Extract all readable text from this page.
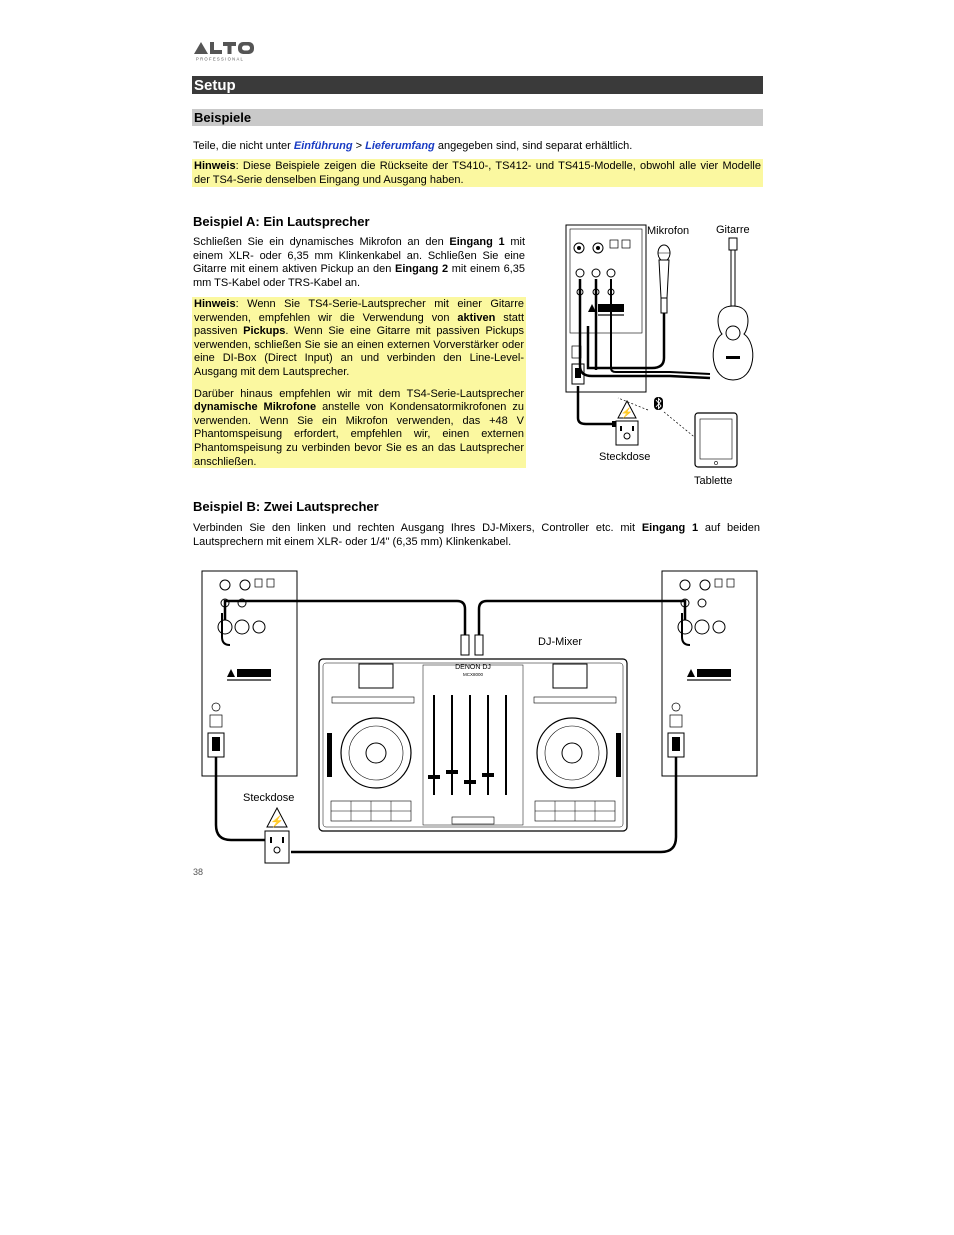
PROFESSIONAL
Setup
Beispiele
Teile, die nicht unter Einführung > Lieferumfang angegeben sind, sind separat erhältlich.
Hinweis: Diese Beispiele zeigen die Rückseite der TS410-, TS412- und TS415-Modelle, obwohl alle vier Modelle der TS4-Serie denselben Eingang und Ausgang haben.
Beispiel A: Ein Lautsprecher
Schließen Sie ein dynamisches Mikrofon an den Eingang 1 mit einem XLR- oder 6,35 mm Klinkenkabel an. Schließen Sie eine Gitarre mit einem aktiven Pickup an den Eingang 2 mit einem 6,35 mm TS-Kabel oder TRS-Kabel an.
Hinweis: Wenn Sie TS4-Serie-Lautsprecher mit einer Gitarre verwenden, empfehlen wir die Verwendung von aktiven statt passiven Pickups. Wenn Sie eine Gitarre mit passiven Pickups verwenden, schließen Sie sie an einen externen Vorverstärker oder eine DI-Box (Direct Input) an und verbinden den Line-Level-Ausgang mit dem Lautsprecher.
Darüber hinaus empfehlen wir mit dem TS4-Serie-Lautsprecher dynamische Mikrofone anstelle von Kondensatormikrofonen zu verwenden. Wenn Sie ein Mikrofon verwenden, das +48 V Phantomspeisung erfordert, empfehlen wir, einen externen Phantomspeisung zu verbinden bevor Sie es an das Lautsprecher anschließen.
⚡
Mikrofon Gitarre
Steckdose
Tablette
Beispiel B: Zwei Lautsprecher
Verbinden Sie den linken und rechten Ausgang Ihres DJ-Mixers, Controller etc. mit Eingang 1 auf beiden Lautsprechern mit einem XLR- oder 1/4" (6,35 mm) Klinkenkabel.
⚡
DENON DJ
MCX8000
DJ-Mixer
Steckdose
38
